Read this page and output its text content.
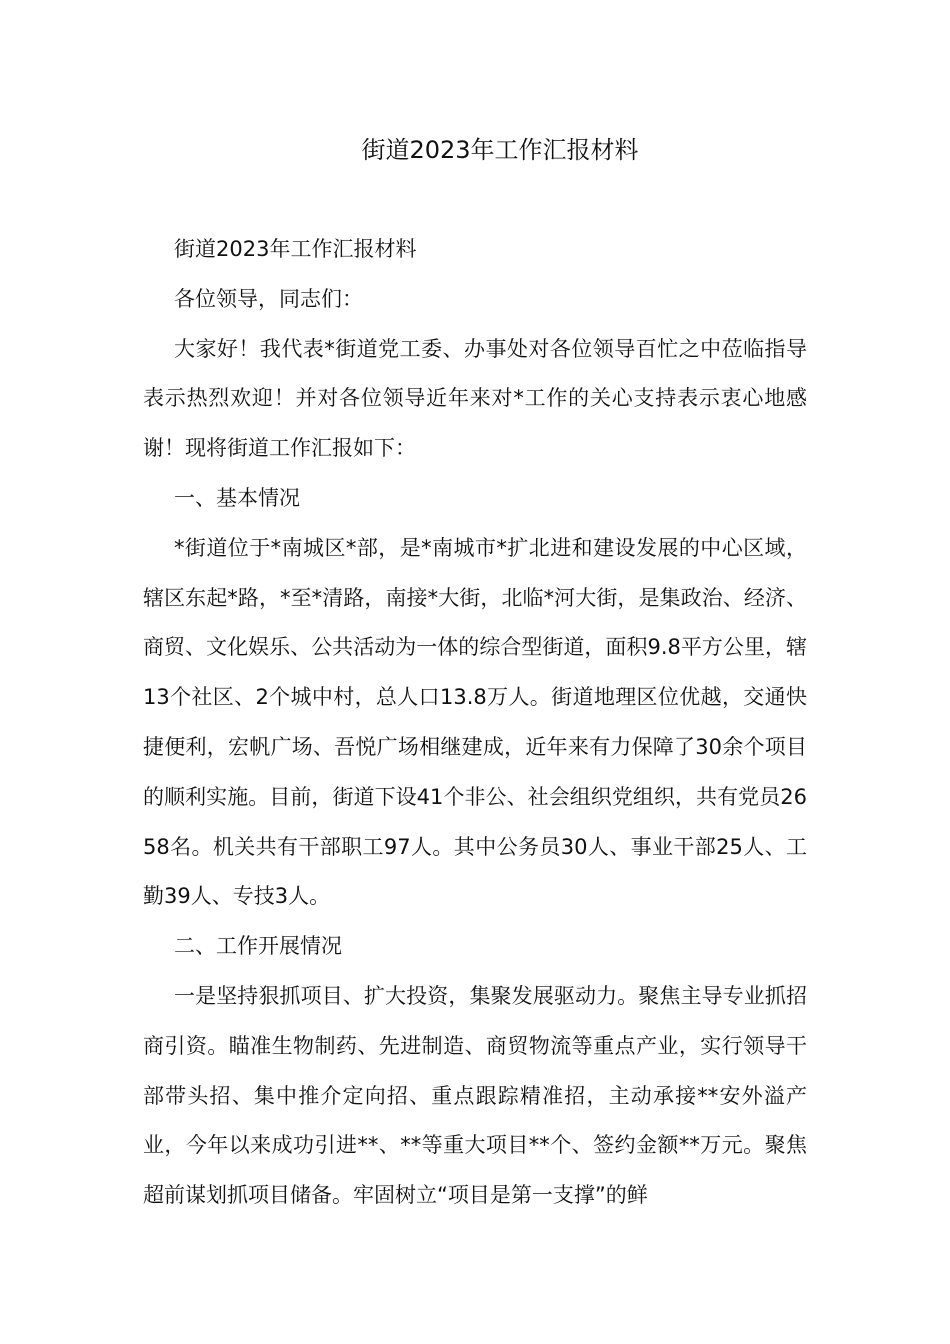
街道2023年工作汇报材料

街道2023年工作汇报材料

各位领导，同志们：

大家好！我代表*街道党工委、办事处对各位领导百忙之中莅临指导表示热烈欢迎！并对各位领导近年来对*工作的关心支持表示衷心地感谢！现将街道工作汇报如下：

一、基本情况

*街道位于*南城区*部，是*南城市*扩北进和建设发展的中心区域，辖区东起*路，*至*清路，南接*大街，北临*河大街，是集政治、经济、商贸、文化娱乐、公共活动为一体的综合型街道，面积9.8平方公里，辖13个社区、2个城中村，总人口13.8万人。街道地理区位优越，交通快捷便利，宏帆广场、吾悦广场相继建成，近年来有力保障了30余个项目的顺利实施。目前，街道下设41个非公、社会组织党组织，共有党员2658名。机关共有干部职工97人。其中公务员30人、事业干部25人、工勤39人、专技3人。

二、工作开展情况

一是坚持狠抓项目、扩大投资，集聚发展驱动力。聚焦主导专业抓招商引资。瞄准生物制药、先进制造、商贸物流等重点产业，实行领导干部带头招、集中推介定向招、重点跟踪精准招，主动承接**安外溢产业，今年以来成功引进**、**等重大项目**个、签约金额**万元。聚焦超前谋划抓项目储备。牢固树立“项目是第一支撑”的鲜
